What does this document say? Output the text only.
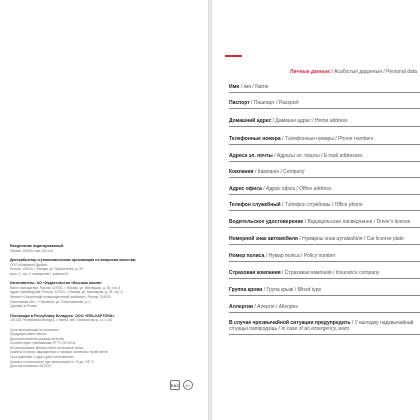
Ежедневник недатированный
Формат 150х210 мм. 320 стр.
Дистрибьютор и уполномоченная организация по вопросам качества:
ООО «Компания Дрофа»
Россия, 119034, г. Москва, ул. Пречистенка, д. 39,
корп. 1, стр. 2, помещение I, комната 6
Изготовитель: АО «Издательство «Высшая школа»
Место нахождения: Россия, 127051, г. Москва, ул. Мясницкая, д. 28, стр. 5
Адрес производства: Россия, 127051, г. Москва, ул. Мясницкая, д. 28, стр. 5
Филиал «Смоленский полиграфический комбинат», Россия, 214020,
Смоленская обл., г. Смоленск, ул. Смольянинова, д. 1
Сделано в России
Поставщик в Республику Беларусь: ООО «ЕЛЬ-КАРТОНА»
220138, Республика Беларусь, г. Минск, пер. Ломоносова д. 24, к. 6/2
Срок эксплуатации не ограничен
Продукция имеет аналог
Дата изготовления указана на блоке
Соответствует требованиям ТР ТС 007/2011
Не использовать вблизи огня и источников тепла
Хранить в сухом, защищенном от прямых солнечных лучей месте
Срок хранения 3 года с даты изготовления
Хранить в сухом месте при температуре от +5 до +25 °C
Дата изготовления: 08.2021
EAC	6+
Личные данные / Асабістыя дадзеныя / Personal data
Имя / Імя / Name
Паспорт / Пашпарт / Passport
Домашний адрес / Дамашні адрас / Home address
Телефонные номера / Тэлефонныя нумары / Phone numbers
Адреса эл. почты / Адрасы эл. пошты / E-mail addresses
Компания / Кампанія / Company
Адрес офиса / Адрас офіса / Office address
Телефон служебный / Тэлефон службовы / Office phone
Водительское удостоверение / Вадзіцельскае пасведчанне / Driver's license
Номерной знак автомобиля / Нумарны знак аўтамабіля / Car license plate
Номер полиса / Нумар поліса / Policy number
Страховая компания / Страхавая кампанія / Insurance company
Группа крови / Група крыві / Blood type
Аллергии / Алергія / Allergies
В случае чрезвычайной ситуации предупредить / У выпадку надзвычайнай
сітуацыі папярэдзіць / In case of an emergency, warn
